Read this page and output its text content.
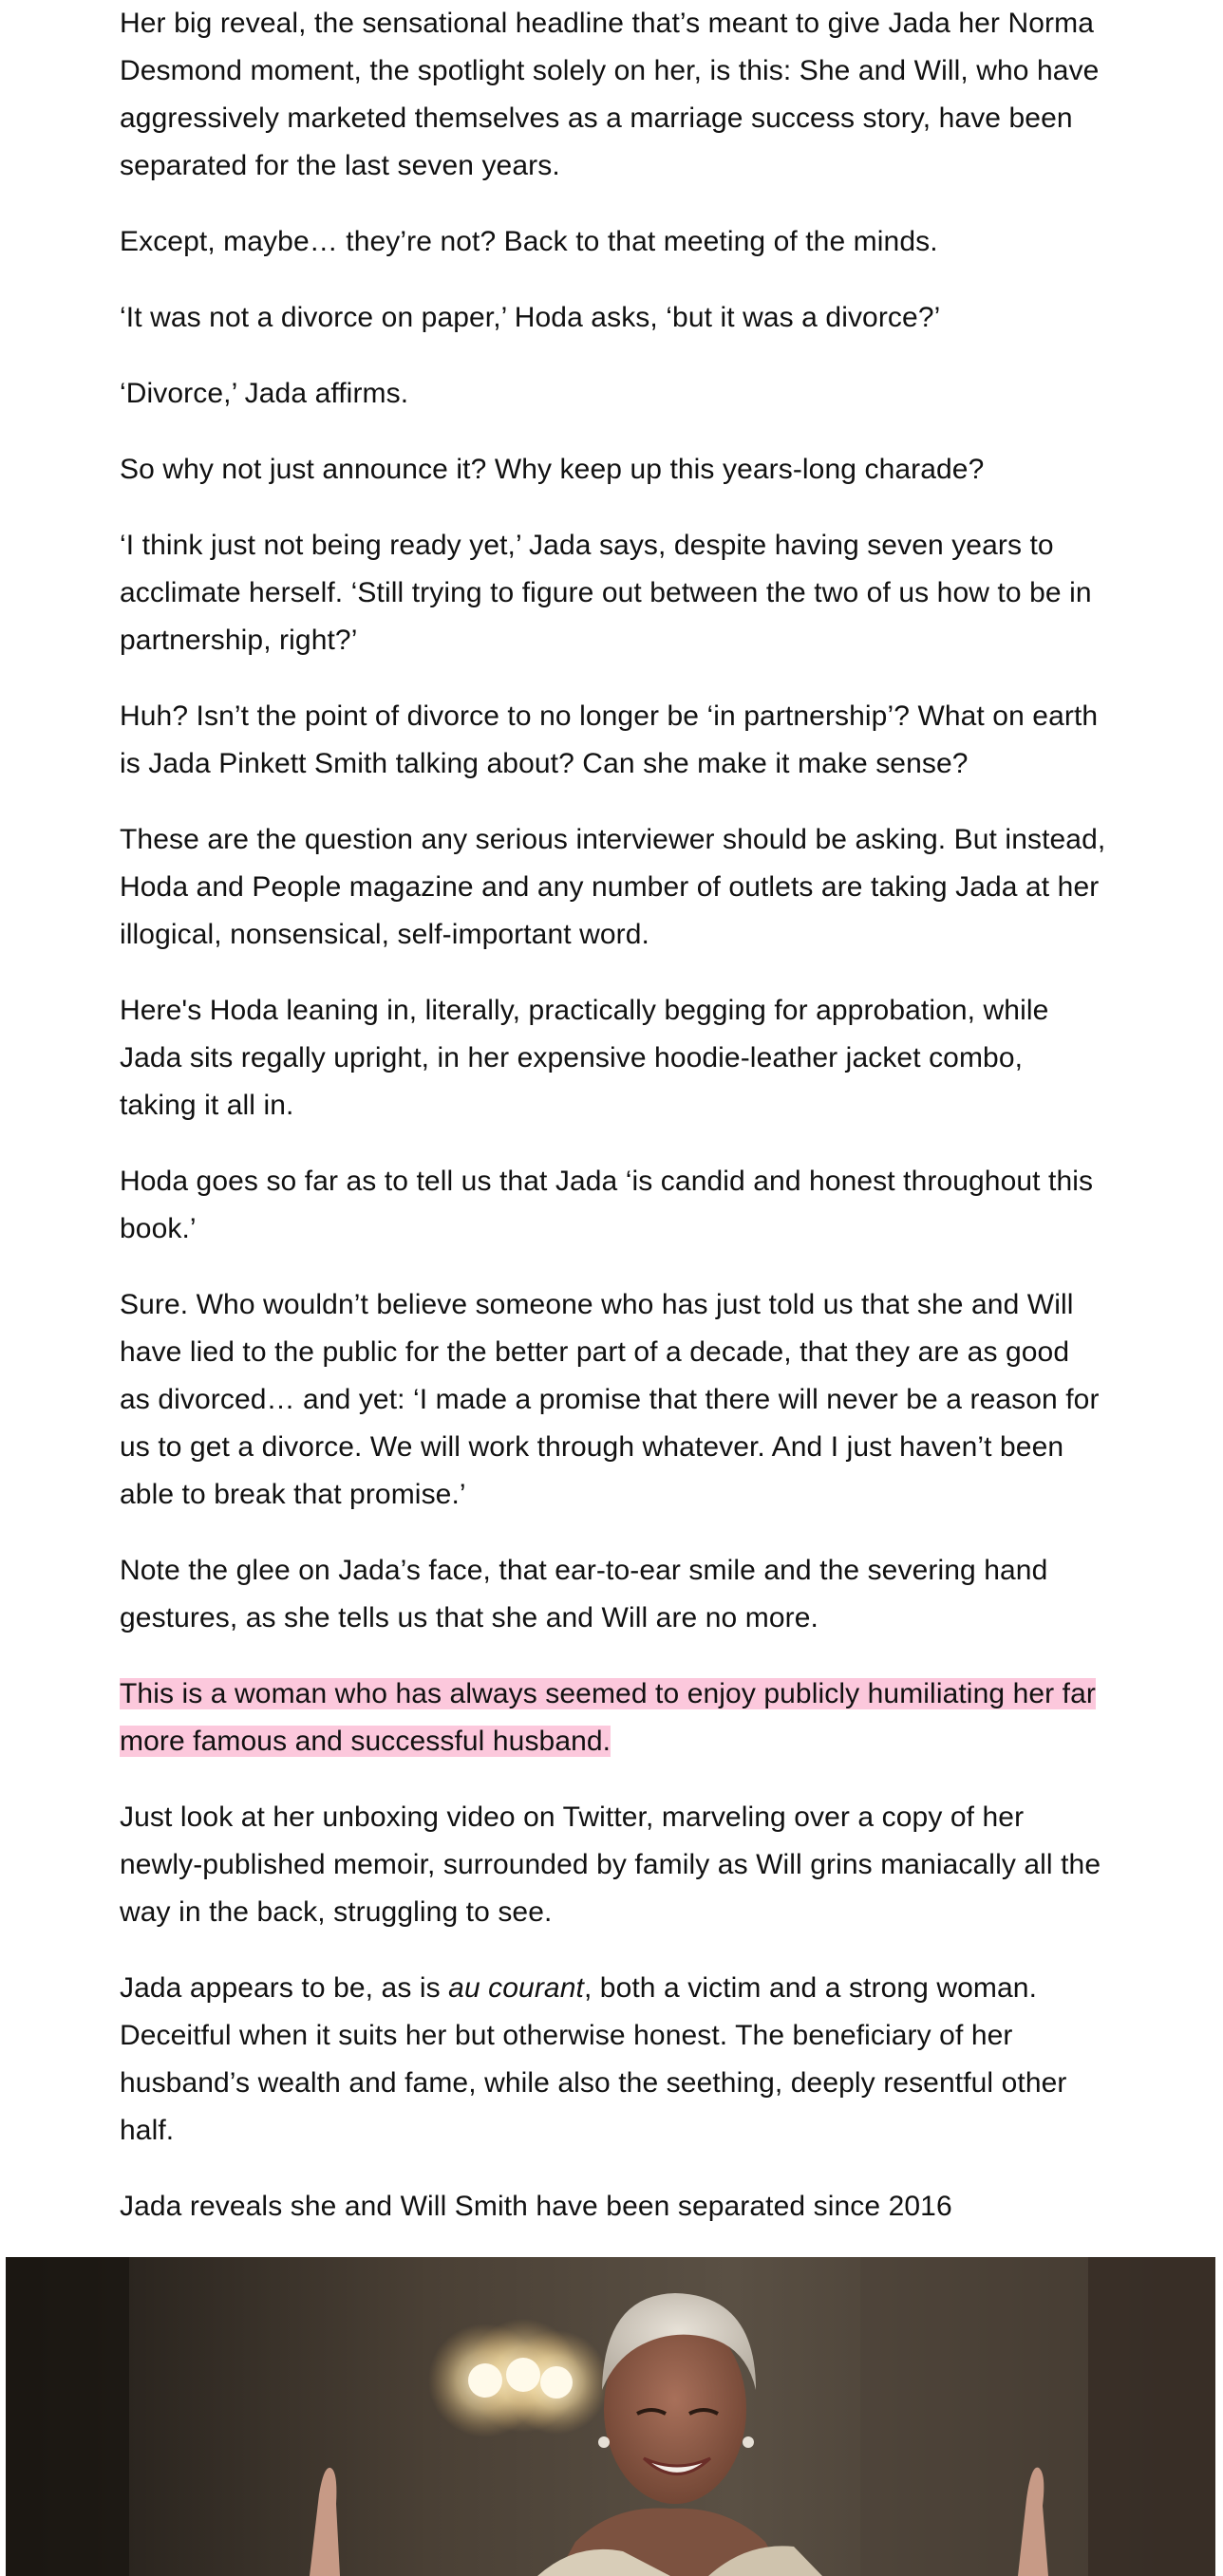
Her big reveal, the sensational headline that’s meant to give Jada her Norma Desmond moment, the spotlight solely on her, is this: She and Will, who have aggressively marketed themselves as a marriage success story, have been separated for the last seven years.

Except, maybe… they’re not? Back to that meeting of the minds.

‘It was not a divorce on paper,’ Hoda asks, ‘but it was a divorce?’

‘Divorce,’ Jada affirms.

So why not just announce it? Why keep up this years-long charade?

‘I think just not being ready yet,’ Jada says, despite having seven years to acclimate herself. ‘Still trying to figure out between the two of us how to be in partnership, right?’

Huh? Isn’t the point of divorce to no longer be ‘in partnership’? What on earth is Jada Pinkett Smith talking about? Can she make it make sense?

These are the question any serious interviewer should be asking. But instead, Hoda and People magazine and any number of outlets are taking Jada at her illogical, nonsensical, self-important word.

Here's Hoda leaning in, literally, practically begging for approbation, while Jada sits regally upright, in her expensive hoodie-leather jacket combo, taking it all in.

Hoda goes so far as to tell us that Jada ‘is candid and honest throughout this book.’

Sure. Who wouldn’t believe someone who has just told us that she and Will have lied to the public for the better part of a decade, that they are as good as divorced… and yet: ‘I made a promise that there will never be a reason for us to get a divorce. We will work through whatever. And I just haven’t been able to break that promise.’

Note the glee on Jada’s face, that ear-to-ear smile and the severing hand gestures, as she tells us that she and Will are no more.

This is a woman who has always seemed to enjoy publicly humiliating her far more famous and successful husband.

Just look at her unboxing video on Twitter, marveling over a copy of her newly-published memoir, surrounded by family as Will grins maniacally all the way in the back, struggling to see.

Jada appears to be, as is au courant, both a victim and a strong woman. Deceitful when it suits her but otherwise honest. The beneficiary of her husband’s wealth and fame, while also the seething, deeply resentful other half.

Jada reveals she and Will Smith have been separated since 2016
